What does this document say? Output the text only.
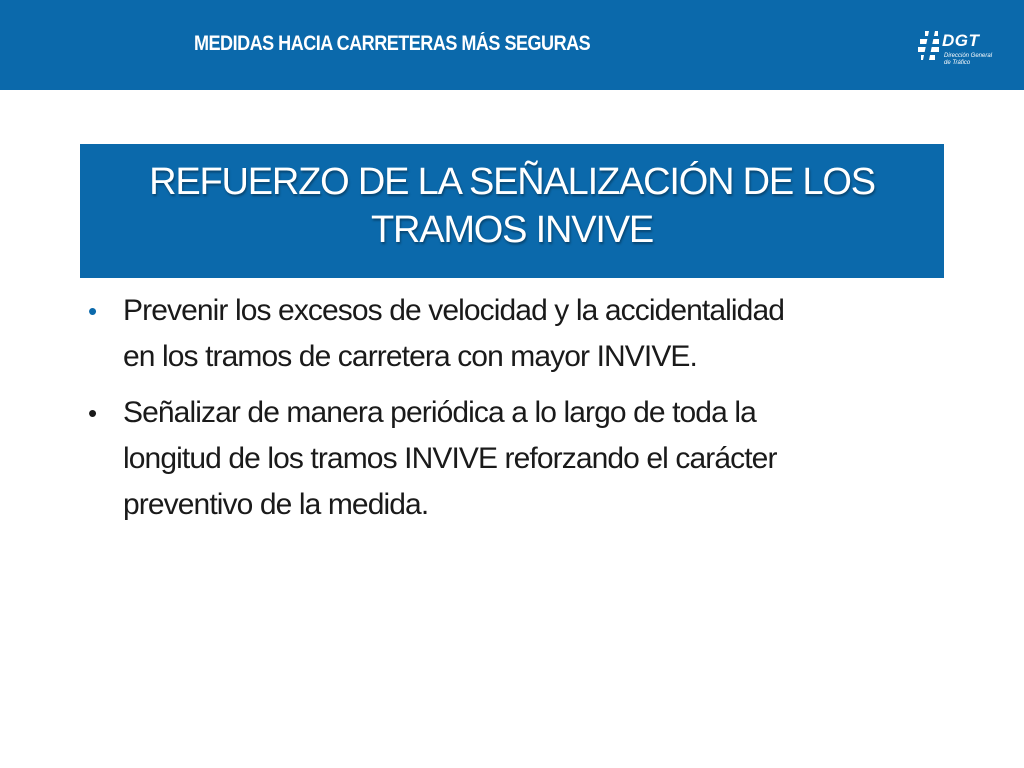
MEDIDAS HACIA CARRETERAS MÁS SEGURAS	DGT
Dirección General
de Tráfico
REFUERZO DE LA SEÑALIZACIÓN DE LOS
TRAMOS INVIVE
• Prevenir los excesos de velocidad y la accidentalidad
en los tramos de carretera con mayor INVIVE.
• Señalizar de manera periódica a lo largo de toda la
longitud de los tramos INVIVE reforzando el carácter
preventivo de la medida.
